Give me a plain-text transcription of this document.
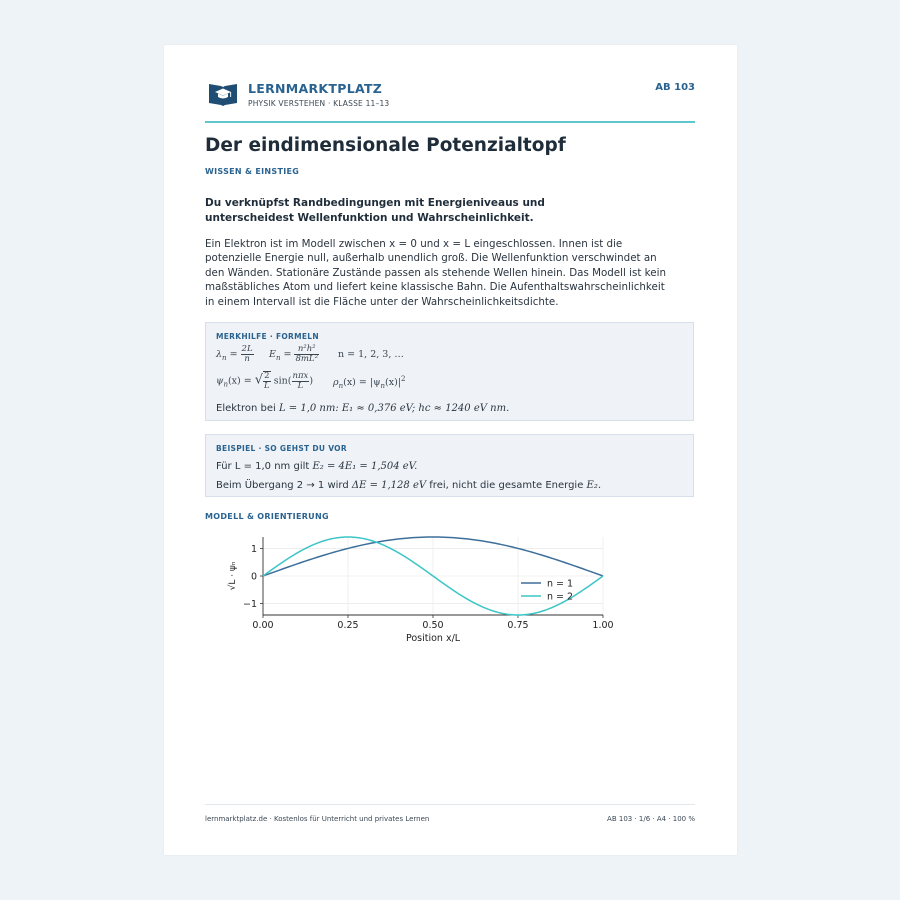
LERNMARKTPLATZ
PHYSIK VERSTEHEN · KLASSE 11–13
AB 103
Der eindimensionale Potenzialtopf
WISSEN & EINSTIEG
Du verknüpfst Randbedingungen mit Energieniveaus und unterscheidest Wellenfunktion und Wahrscheinlichkeit.
Ein Elektron ist im Modell zwischen x = 0 und x = L eingeschlossen. Innen ist die potenzielle Energie null, außerhalb unendlich groß. Die Wellenfunktion verschwindet an den Wänden. Stationäre Zustände passen als stehende Wellen hinein. Das Modell ist kein maßstäbliches Atom und liefert keine klassische Bahn. Die Aufenthaltswahrscheinlichkeit in einem Intervall ist die Fläche unter der Wahrscheinlichkeitsdichte.
MERKHILFE · FORMELN
$\lambda_n = \frac{2L}{n} E_n = \frac{\text{n²h²}}{\text{8mL²}}$ n = 1, 2, 3, …
$\psi_n(x)$ = √ $\frac{2}{L} \sin( \frac{\text{nπx}}{L}$ ) $\rho_n(x) = |\psi_n(x)|^2$
Elektron bei L = 1,0 nm: E₁ ≈ 0,376 eV; hc ≈ 1240 eV nm.
BEISPIEL · SO GEHST DU VOR
Für L = 1,0 nm gilt E₂ = 4E₁ = 1,504 eV.
Beim Übergang 2 → 1 wird ΔE = 1,128 eV frei, nicht die gesamte Energie E₂.
MODELL & ORIENTIERUNG
0.00	0.25	0.50	0.75	1.00
1
0
−1
Position x/L
√L · ψₙ	n = 1
n = 2
lernmarktplatz.de · Kostenlos für Unterricht und privates Lernen	AB 103 · 1/6 · A4 · 100 %
